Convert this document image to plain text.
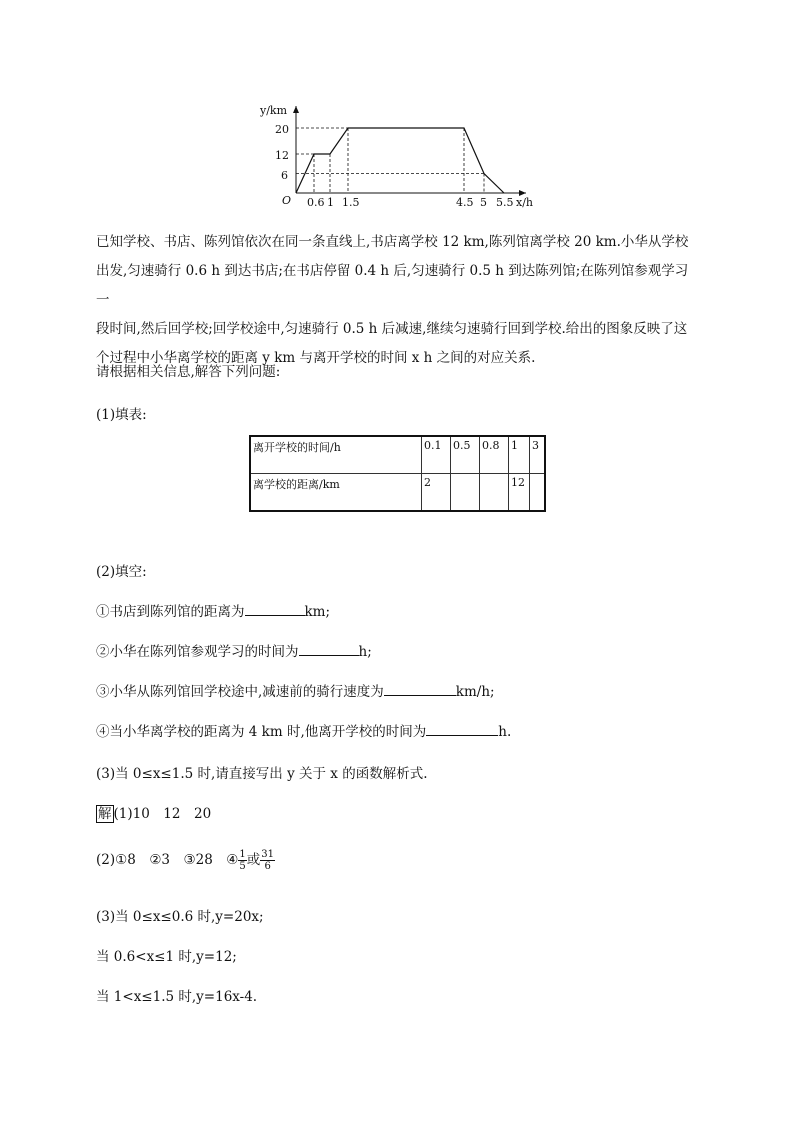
y/km
x/h
O
20
12
6
0.6 1 1.5	4.5 5 5.5
已知学校、书店、陈列馆依次在同一条直线上,书店离学校 12 km,陈列馆离学校 20 km.小华从学校
出发,匀速骑行 0.6 h 到达书店;在书店停留 0.4 h 后,匀速骑行 0.5 h 到达陈列馆;在陈列馆参观学习一
段时间,然后回学校;回学校途中,匀速骑行 0.5 h 后减速,继续匀速骑行回到学校.给出的图象反映了这
个过程中小华离学校的距离 y km 与离开学校的时间 x h 之间的对应关系.
请根据相关信息,解答下列问题:
(1)填表:
离开学校的时间/h	0.1	0.5	0.8	1	3
离学校的距离/km	2			12	
(2)填空:
①书店到陈列馆的距离为	km;
②小华在陈列馆参观学习的时间为	h;
③小华从陈列馆回学校途中,减速前的骑行速度为	km/h;
④当小华离学校的距离为 4 km 时,他离开学校的时间为	h.
(3)当 0≤x≤1.5 时,请直接写出 y 关于 x 的函数解析式.
解 (1)10　12　20
(2)①8　②3　③28　④ $\frac{1}{5}$ 或 $\frac{31}{6}$
(3)当 0≤x≤0.6 时,y=20x;
当 0.6<x≤1 时,y=12;
当 1<x≤1.5 时,y=16x-4.
